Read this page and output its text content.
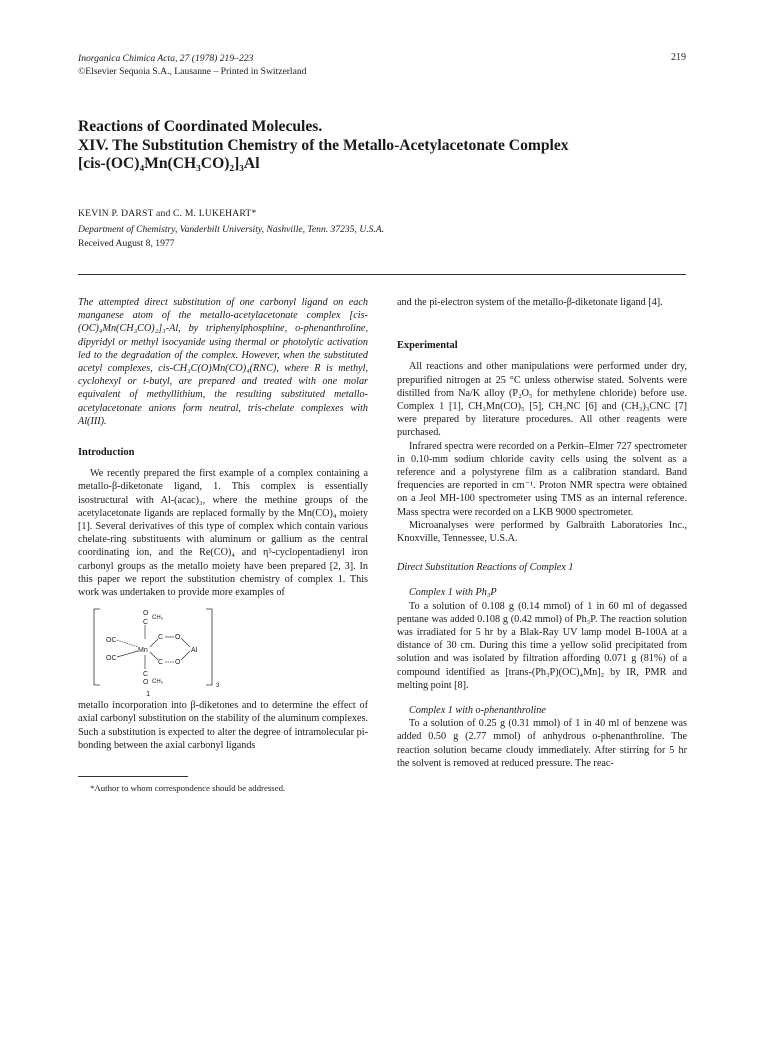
Inorganica Chimica Acta, 27 (1978) 219–223
©Elsevier Sequoia S.A., Lausanne – Printed in Switzerland
219
Reactions of Coordinated Molecules.
XIV. The Substitution Chemistry of the Metallo-Acetylacetonate Complex
[cis-(OC)₄Mn(CH₃CO)₂]₃Al
KEVIN P. DARST and C. M. LUKEHART*
Department of Chemistry, Vanderbilt University, Nashville, Tenn. 37235, U.S.A.
Received August 8, 1977

The attempted direct substitution of one carbonyl ligand on each manganese atom of the metallo-acetylacetonate complex [cis-(OC)₄Mn(CH₃CO)₂]₃-Al, by triphenylphosphine, o-phenanthroline, dipyridyl or methyl isocyanide using thermal or photolytic activation led to the degradation of the complex. However, when the substituted acetyl complexes, cis-CH₃C(O)Mn(CO)₄(RNC), where R is methyl, cyclohexyl or t-butyl, are prepared and treated with one molar equivalent of methyllithium, the resulting substituted metallo-acetylacetonate anions form neutral, tris-chelate complexes with Al(III).

Introduction

We recently prepared the first example of a complex containing a metallo-β-diketonate ligand, 1. This complex is essentially isostructural with Al-(acac)₃, where the methine groups of the acetylacetonate ligands are replaced formally by the Mn(CO)₄ moiety [1]. Several derivatives of this type of complex which contain various chelate-ring substituents with aluminum or gallium as the central coordinating ion, and the Re(CO)₄ and η⁵-cyclopentadienyl iron carbonyl groups as the metallo moiety have been prepared [2, 3]. In this paper we report the substitution chemistry of complex 1. This work was undertaken to provide more examples of

O
C
CH₃
OC
OC
Mn
C O
Al
C O
C
O CH₃
3
1

metallo incorporation into β-diketones and to determine the effect of axial carbonyl substitution on the stability of the aluminum complexes. Such a substitution is expected to alter the degree of intramolecular pi-bonding between the axial carbonyl ligands

*Author to whom correspondence should be addressed.

and the pi-electron system of the metallo-β-diketonate ligand [4].

Experimental

All reactions and other manipulations were performed under dry, prepurified nitrogen at 25 °C unless otherwise stated. Solvents were distilled from Na/K alloy (P₂O₅ for methylene chloride) before use. Complex 1 [1], CH₃Mn(CO)₅ [5], CH₃NC [6] and (CH₃)₃CNC [7] were prepared by literature procedures. All other reagents were purchased.

Infrared spectra were recorded on a Perkin–Elmer 727 spectrometer in 0.10-mm sodium chloride cavity cells using the solvent as a reference and a polystyrene film as a calibration standard. Band frequencies are reported in cm⁻¹. Proton NMR spectra were obtained on a Jeol MH-100 spectrometer using TMS as an internal reference. Mass spectra were recorded on a LKB 9000 spectrometer.

Microanalyses were performed by Galbraith Laboratories Inc., Knoxville, Tennessee, U.S.A.

Direct Substitution Reactions of Complex 1
Complex 1 with Ph₃P

To a solution of 0.108 g (0.14 mmol) of 1 in 60 ml of degassed pentane was added 0.108 g (0.42 mmol) of Ph₃P. The reaction solution was irradiated for 5 hr by a Blak-Ray UV lamp model B-100A at a distance of 30 cm. During this time a yellow solid precipitated from solution and was isolated by filtration affording 0.071 g (81%) of a compound identified as [trans-(Ph₃P)(OC)₄Mn]₂ by IR, PMR and melting point [8].

Complex 1 with o-phenanthroline

To a solution of 0.25 g (0.31 mmol) of 1 in 40 ml of benzene was added 0.50 g (2.77 mmol) of anhydrous o-phenanthroline. The reaction solution became cloudy immediately. After stirring for 5 hr the solvent is removed at reduced pressure. The reac-
